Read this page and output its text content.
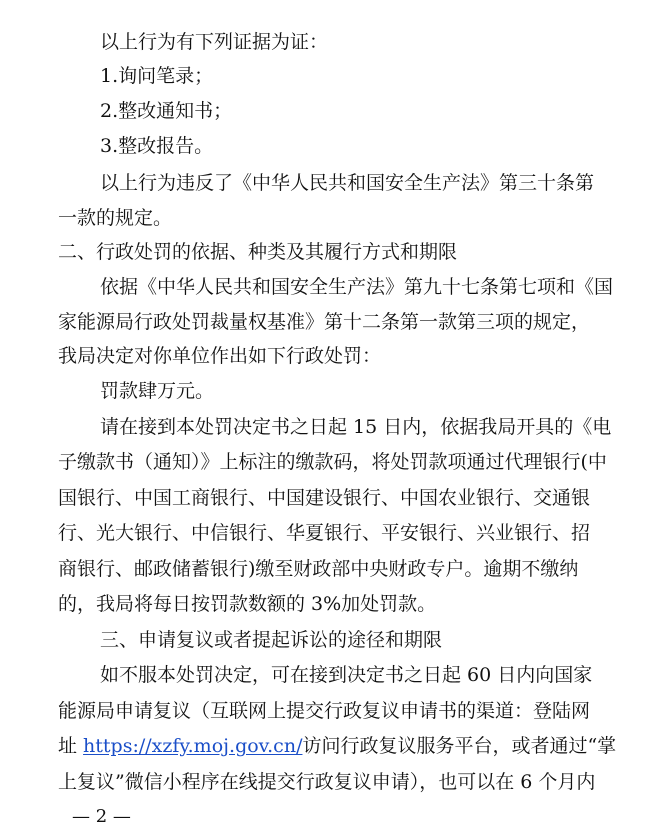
以上行为有下列证据为证：
1.询问笔录；
2.整改通知书；
3.整改报告。
以上行为违反了《中华人民共和国安全生产法》第三十条第
一款的规定。
二、行政处罚的依据、种类及其履行方式和期限
依据《中华人民共和国安全生产法》第九十七条第七项和《国
家能源局行政处罚裁量权基准》第十二条第一款第三项的规定，
我局决定对你单位作出如下行政处罚：
罚款肆万元。
请在接到本处罚决定书之日起 15 日内，依据我局开具的《电
子缴款书（通知）》上标注的缴款码，将处罚款项通过代理银行(中
国银行、中国工商银行、中国建设银行、中国农业银行、交通银
行、光大银行、中信银行、华夏银行、平安银行、兴业银行、招
商银行、邮政储蓄银行)缴至财政部中央财政专户。逾期不缴纳
的，我局将每日按罚款数额的 3%加处罚款。
三、申请复议或者提起诉讼的途径和期限
如不服本处罚决定，可在接到决定书之日起 60 日内向国家
能源局申请复议（互联网上提交行政复议申请书的渠道：登陆网
址 https://xzfy.moj.gov.cn/访问行政复议服务平台，或者通过“掌
上复议”微信小程序在线提交行政复议申请），也可以在 6 个月内
— 2 —
